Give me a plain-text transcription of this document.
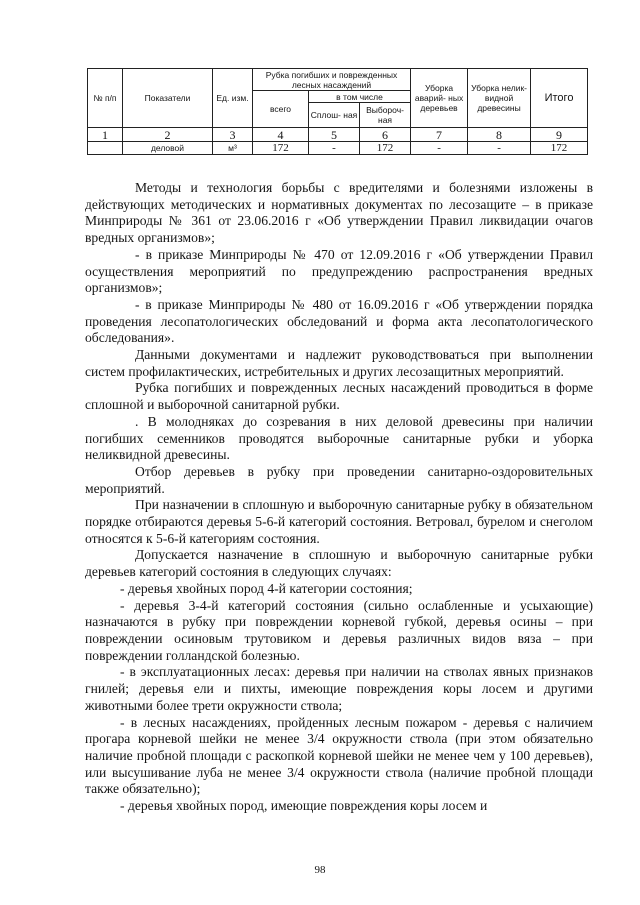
№ п/п	Показатели	Ед. изм.	Рубка погибших и поврежденных лесных насаждений			Уборка аварий- ных деревьев	Уборка нелик- видной древесины	Итого
			всего	в том числе				
				Сплош- ная	Выбороч- ная			
1	2	3	4	5	6	7	8	9
	деловой	м³	172	-	172	-	-	172

Методы и технология борьбы с вредителями и болезнями изложены в действующих методических и нормативных документах по лесозащите – в приказе Минприроды № 361 от 23.06.2016 г «Об утверждении Правил ликвидации очагов вредных организмов»;

- в приказе Минприроды № 470 от 12.09.2016 г «Об утверждении Правил осуществления мероприятий по предупреждению распространения вредных организмов»;

- в приказе Минприроды № 480 от 16.09.2016 г «Об утверждении порядка проведения лесопатологических обследований и форма акта лесопатологического обследования».

Данными документами и надлежит руководствоваться при выполнении систем профилактических, истребительных и других лесозащитных мероприятий.

Рубка погибших и поврежденных лесных насаждений проводиться в форме сплошной и выборочной санитарной рубки.

. В молодняках до созревания в них деловой древесины при наличии погибших семенников проводятся выборочные санитарные рубки и уборка неликвидной древесины.

Отбор деревьев в рубку при проведении санитарно-оздоровительных мероприятий.

При назначении в сплошную и выборочную санитарные рубку в обязательном порядке отбираются деревья 5-6-й категорий состояния. Ветровал, бурелом и снеголом относятся к 5-6-й категориям состояния.

Допускается назначение в сплошную и выборочную санитарные рубки деревьев категорий состояния в следующих случаях:

- деревья хвойных пород 4-й категории состояния;

- деревья 3-4-й категорий состояния (сильно ослабленные и усыхающие) назначаются в рубку при повреждении корневой губкой, деревья осины – при повреждении осиновым трутовиком и деревья различных видов вяза – при повреждении голландской болезнью.

- в эксплуатационных лесах: деревья при наличии на стволах явных признаков гнилей; деревья ели и пихты, имеющие повреждения коры лосем и другими животными более трети окружности ствола;

- в лесных насаждениях, пройденных лесным пожаром - деревья с наличием прогара корневой шейки не менее 3/4 окружности ствола (при этом обязательно наличие пробной площади с раскопкой корневой шейки не менее чем у 100 деревьев), или высушивание луба не менее 3/4 окружности ствола (наличие пробной площади также обязательно);

- деревья хвойных пород, имеющие повреждения коры лосем и

98
